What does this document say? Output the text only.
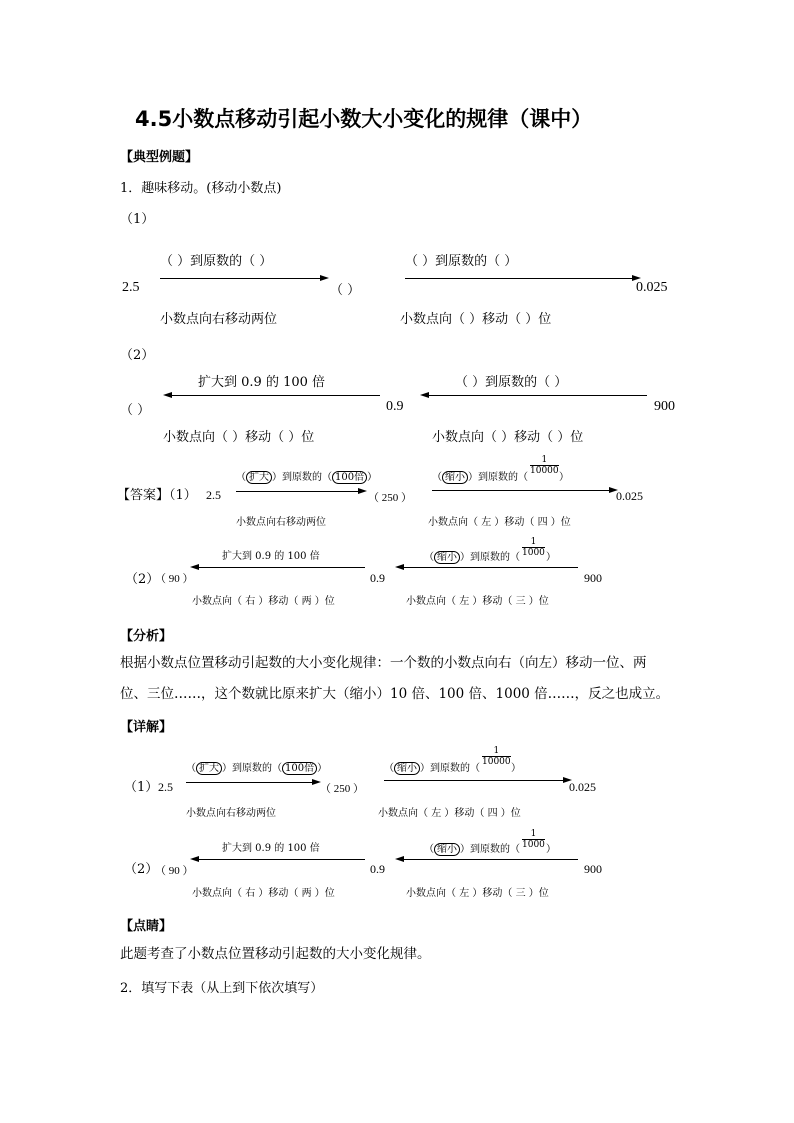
4.5小数点移动引起小数大小变化的规律（课中）
【典型例题】
1．趣味移动。(移动小数点)
（1）
（ ）到原数的（ ）
2.5	（ ）
小数点向右移动两位
（ ）到原数的（ ）
0.025
小数点向（ ）移动（ ）位
（2）
扩大到 0.9 的 100 倍
（ ）	0.9
小数点向（ ）移动（ ）位
（ ）到原数的（ ）
900
小数点向（ ）移动（ ）位
【答案】（1） 2.5
（ 扩大 ）到原数的（ 100倍 ）
（ 250 ）
小数点向右移动两位
（ 缩小 ）到原数的（
$\frac{1}{10000}$
）
0.025
小数点向（ 左 ）移动（ 四 ）位
（2）
扩大到 0.9 的 100 倍
（ 90 ）	0.9
小数点向（ 右 ）移动（ 两 ）位
（ 缩小 ）到原数的（ $\frac{1}{1000}$ ）
900
小数点向（ 左 ）移动（ 三 ）位
【分析】
根据小数点位置移动引起数的大小变化规律：一个数的小数点向右（向左）移动一位、两
位、三位……，这个数就比原来扩大（缩小）10 倍、100 倍、1000 倍……，反之也成立。
【详解】
（1） 2.5
（ 扩大 ）到原数的（ 100倍 ）
（ 250 ）
小数点向右移动两位
（ 缩小 ）到原数的（
$\frac{1}{10000}$
）
0.025
小数点向（ 左 ）移动（ 四 ）位
（2）
扩大到 0.9 的 100 倍
（ 90 ）	0.9
小数点向（ 右 ）移动（ 两 ）位
（ 缩小 ）到原数的（ $\frac{1}{1000}$ ）
900
小数点向（ 左 ）移动（ 三 ）位
【点睛】
此题考查了小数点位置移动引起数的大小变化规律。
2．填写下表（从上到下依次填写）
